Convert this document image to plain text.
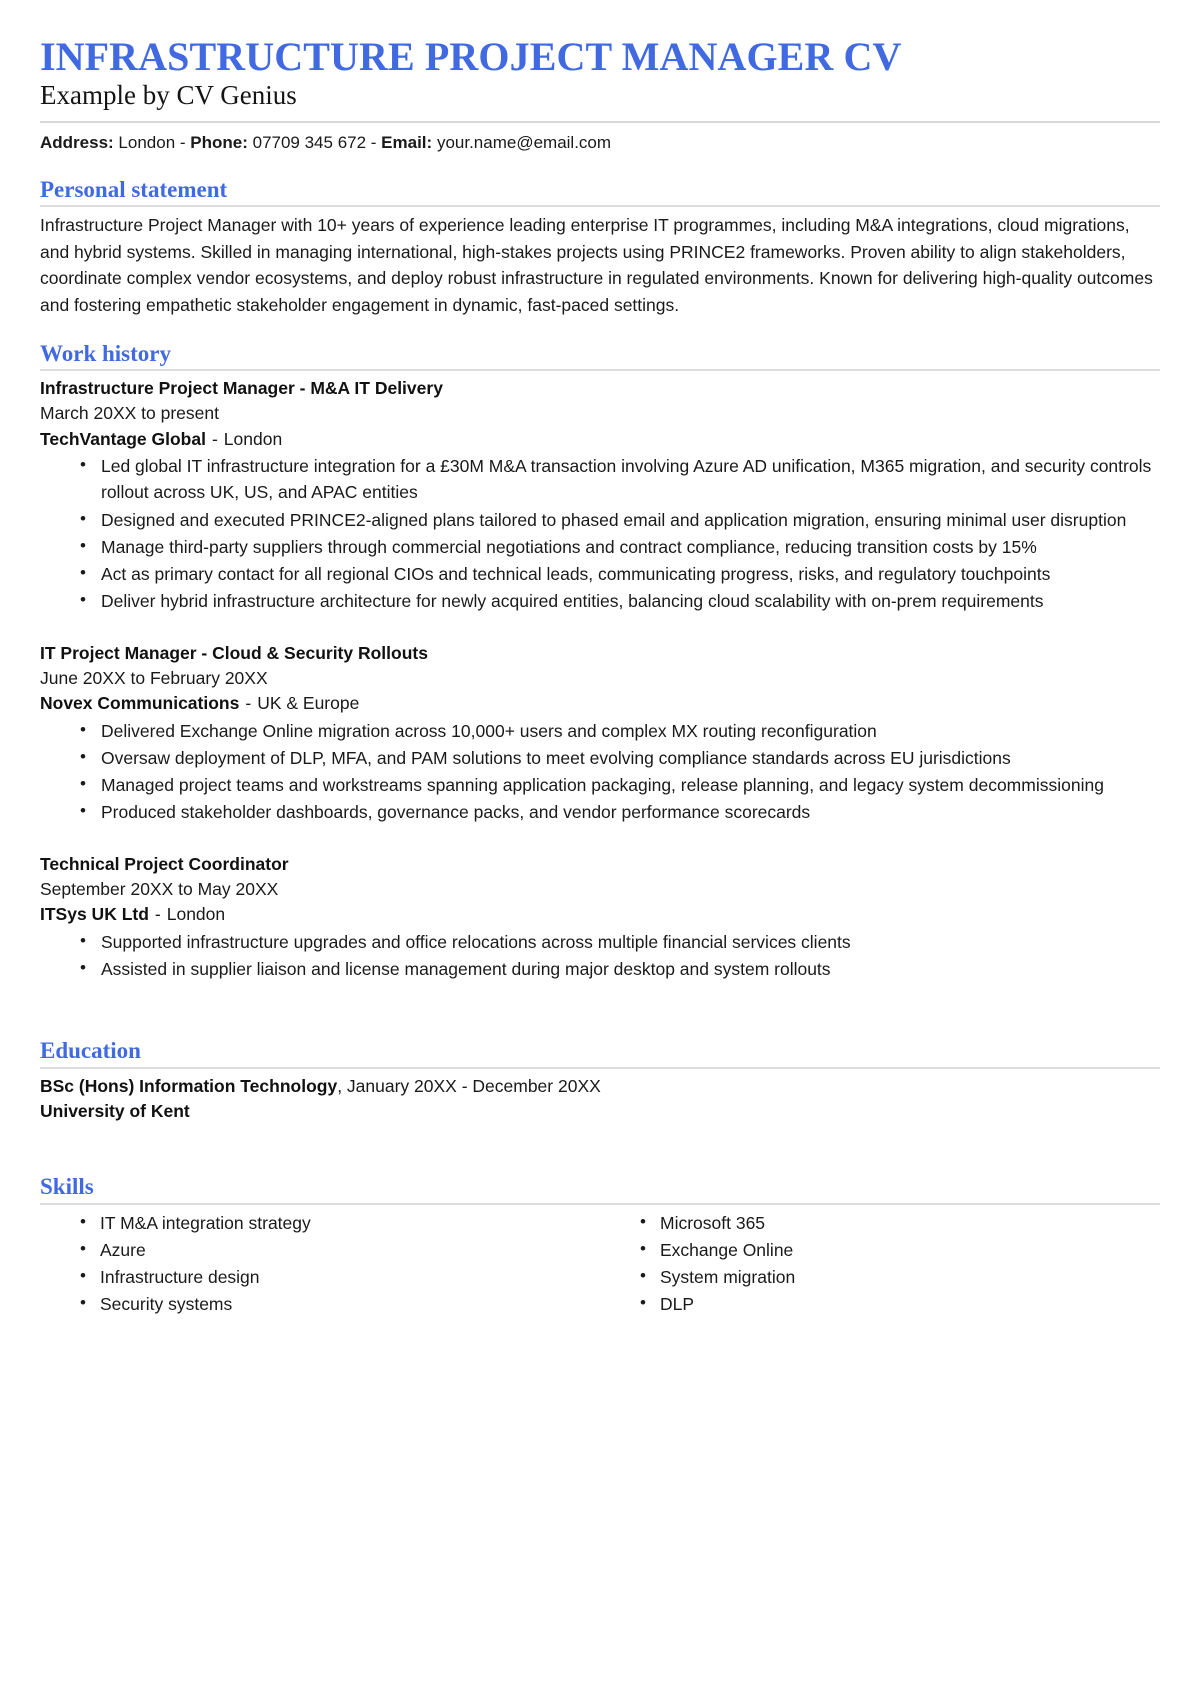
INFRASTRUCTURE PROJECT MANAGER CV
Example by CV Genius

Address: London - Phone: 07709 345 672 - Email: your.name@email.com

Personal statement

Infrastructure Project Manager with 10+ years of experience leading enterprise IT programmes, including M&A integrations, cloud migrations, and hybrid systems. Skilled in managing international, high-stakes projects using PRINCE2 frameworks. Proven ability to align stakeholders, coordinate complex vendor ecosystems, and deploy robust infrastructure in regulated environments. Known for delivering high-quality outcomes and fostering empathetic stakeholder engagement in dynamic, fast-paced settings.

Work history

Infrastructure Project Manager - M&A IT Delivery

March 20XX to present

TechVantage Global - London

• Led global IT infrastructure integration for a £30M M&A transaction involving Azure AD unification, M365 migration, and security controls rollout across UK, US, and APAC entities
• Designed and executed PRINCE2-aligned plans tailored to phased email and application migration, ensuring minimal user disruption
• Manage third-party suppliers through commercial negotiations and contract compliance, reducing transition costs by 15%
• Act as primary contact for all regional CIOs and technical leads, communicating progress, risks, and regulatory touchpoints
• Deliver hybrid infrastructure architecture for newly acquired entities, balancing cloud scalability with on-prem requirements

IT Project Manager - Cloud & Security Rollouts

June 20XX to February 20XX

Novex Communications - UK & Europe

• Delivered Exchange Online migration across 10,000+ users and complex MX routing reconfiguration
• Oversaw deployment of DLP, MFA, and PAM solutions to meet evolving compliance standards across EU jurisdictions
• Managed project teams and workstreams spanning application packaging, release planning, and legacy system decommissioning
• Produced stakeholder dashboards, governance packs, and vendor performance scorecards

Technical Project Coordinator

September 20XX to May 20XX

ITSys UK Ltd - London

• Supported infrastructure upgrades and office relocations across multiple financial services clients
• Assisted in supplier liaison and license management during major desktop and system rollouts
Education

BSc (Hons) Information Technology, January 20XX - December 20XX

University of Kent

Skills
• IT M&A integration strategy
• Azure
• Infrastructure design
• Security systems
• Microsoft 365
• Exchange Online
• System migration
• DLP
